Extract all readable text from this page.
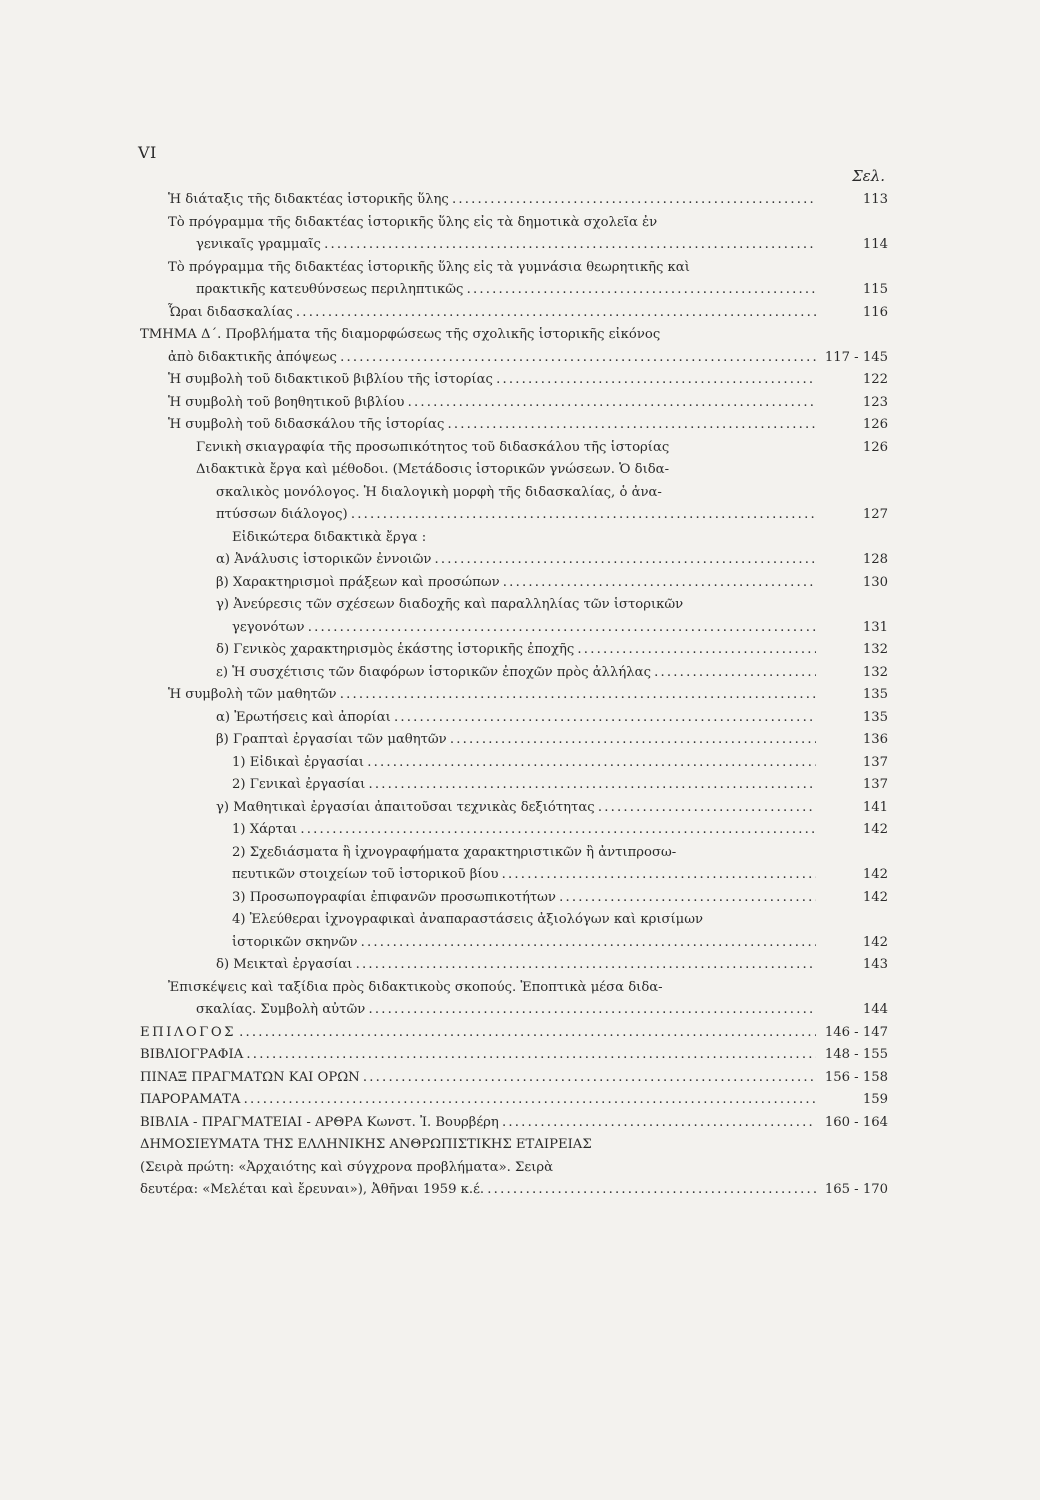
VI
Σελ.
Ἡ διάταξις τῆς διδακτέας ἱστορικῆς ὕλης . . .	113
Τὸ πρόγραμμα τῆς διδακτέας ἱστορικῆς ὕλης εἰς τὰ δημοτικὰ σχολεῖα ἐν
γενικαῖς γραμμαῖς . . .	114
Τὸ πρόγραμμα τῆς διδακτέας ἱστορικῆς ὕλης εἰς τὰ γυμνάσια θεωρητικῆς καὶ
πρακτικῆς κατευθύνσεως περιληπτικῶς . . .	115
Ὧραι διδασκαλίας . . .	116
ΤΜΗΜΑ Δ΄. Προβλήματα τῆς διαμορφώσεως τῆς σχολικῆς ἱστορικῆς εἰκόνος
ἀπὸ διδακτικῆς ἀπόψεως . . .	117 - 145
Ἡ συμβολὴ τοῦ διδακτικοῦ βιβλίου τῆς ἱστορίας . . .	122
Ἡ συμβολὴ τοῦ βοηθητικοῦ βιβλίου . . .	123
Ἡ συμβολὴ τοῦ διδασκάλου τῆς ἱστορίας . . .	126
Γενικὴ σκιαγραφία τῆς προσωπικότητος τοῦ διδασκάλου τῆς ἱστορίας	126
Διδακτικὰ ἔργα καὶ μέθοδοι. (Μετάδοσις ἱστορικῶν γνώσεων. Ὁ διδα-
σκαλικὸς μονόλογος. Ἡ διαλογικὴ μορφὴ τῆς διδασκαλίας, ὁ ἀνα-
πτύσσων διάλογος) . . .	127
Εἰδικώτερα διδακτικὰ ἔργα :
α) Ἀνάλυσις ἱστορικῶν ἐννοιῶν . . .	128
β) Χαρακτηρισμοὶ πράξεων καὶ προσώπων . . .	130
γ) Ἀνεύρεσις τῶν σχέσεων διαδοχῆς καὶ παραλληλίας τῶν ἱστορικῶν
γεγονότων . . .	131
δ) Γενικὸς χαρακτηρισμὸς ἑκάστης ἱστορικῆς ἐποχῆς . . .	132
ε) Ἡ συσχέτισις τῶν διαφόρων ἱστορικῶν ἐποχῶν πρὸς ἀλλήλας . . .	132
Ἡ συμβολὴ τῶν μαθητῶν . . .	135
α) Ἐρωτήσεις καὶ ἀπορίαι . . .	135
β) Γραπταὶ ἐργασίαι τῶν μαθητῶν . . .	136
1) Εἰδικαὶ ἐργασίαι . . .	137
2) Γενικαὶ ἐργασίαι . . .	137
γ) Μαθητικαὶ ἐργασίαι ἀπαιτοῦσαι τεχνικὰς δεξιότητας . . .	141
1) Χάρται . . .	142
2) Σχεδιάσματα ἢ ἰχνογραφήματα χαρακτηριστικῶν ἢ ἀντιπροσω-
πευτικῶν στοιχείων τοῦ ἱστορικοῦ βίου . . .	142
3) Προσωπογραφίαι ἐπιφανῶν προσωπικοτήτων . . .	142
4) Ἐλεύθεραι ἰχνογραφικαὶ ἀναπαραστάσεις ἀξιολόγων καὶ κρισίμων
ἱστορικῶν σκηνῶν . . .	142
δ) Μεικταὶ ἐργασίαι . . .	143
Ἐπισκέψεις καὶ ταξίδια πρὸς διδακτικοὺς σκοπούς. Ἐποπτικὰ μέσα διδα-
σκαλίας. Συμβολὴ αὐτῶν . . .	144
ΕΠΙΛΟΓΟΣ . . .	146 - 147
ΒΙΒΛΙΟΓΡΑΦΙΑ . . .	148 - 155
ΠΙΝΑΞ ΠΡΑΓΜΑΤΩΝ ΚΑΙ ΟΡΩΝ . . .	156 - 158
ΠΑΡΟΡΑΜΑΤΑ . . .	159
ΒΙΒΛΙΑ - ΠΡΑΓΜΑΤΕΙΑΙ - ΑΡΘΡΑ Κωνστ. Ἰ. Βουρβέρη . . .	160 - 164
ΔΗΜΟΣΙΕΥΜΑΤΑ ΤΗΣ ΕΛΛΗΝΙΚΗΣ ΑΝΘΡΩΠΙΣΤΙΚΗΣ ΕΤΑΙΡΕΙΑΣ
(Σειρὰ πρώτη: «Ἀρχαιότης καὶ σύγχρονα προβλήματα». Σειρὰ
δευτέρα: «Μελέται καὶ ἔρευναι»), Ἀθῆναι 1959 κ.έ. . . .	165 - 170
